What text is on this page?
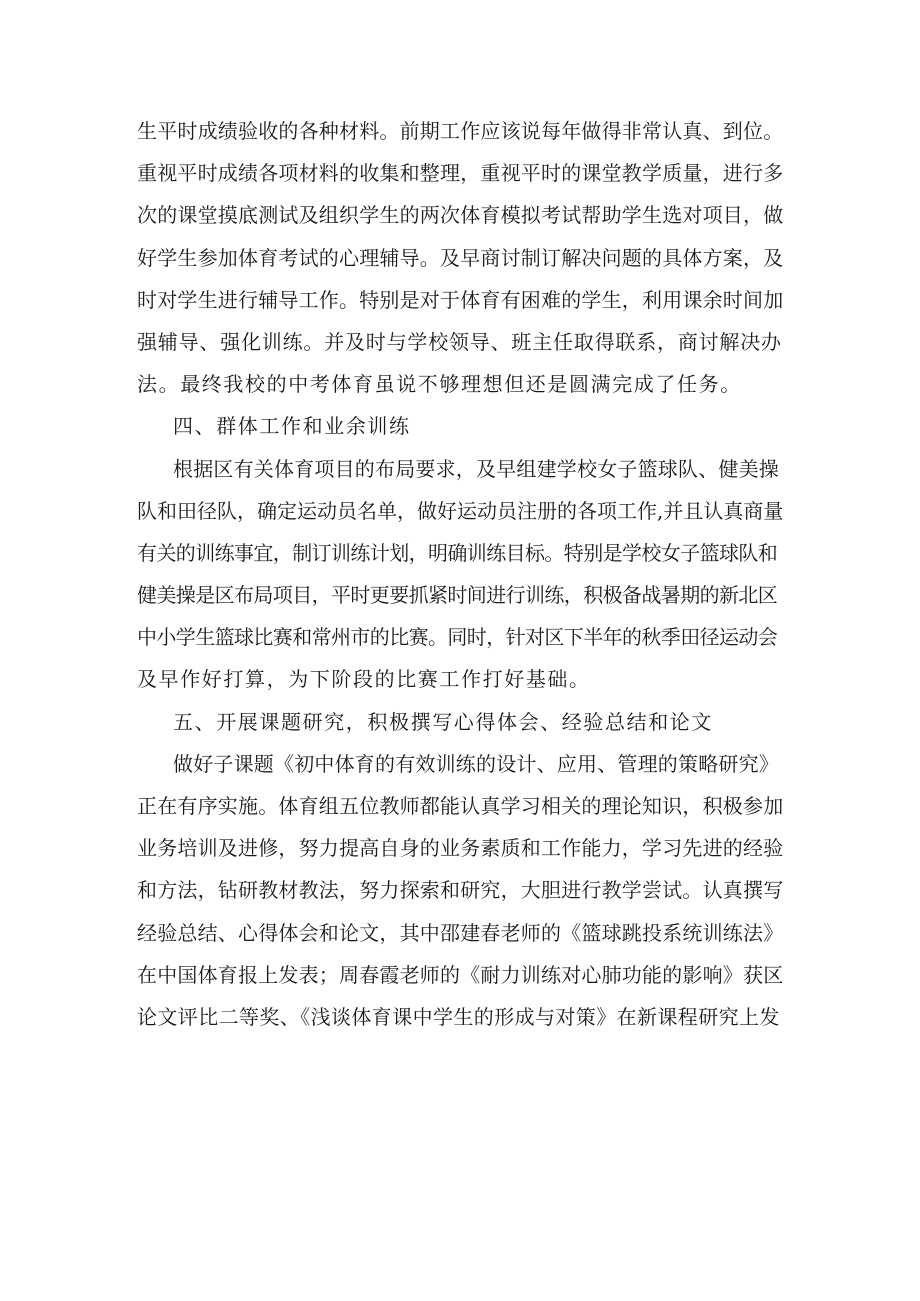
生平时成绩验收的各种材料。前期工作应该说每年做得非常认真、到位。
重视平时成绩各项材料的收集和整理，重视平时的课堂教学质量，进行多
次的课堂摸底测试及组织学生的两次体育模拟考试帮助学生选对项目，做
好学生参加体育考试的心理辅导。及早商讨制订解决问题的具体方案，及
时对学生进行辅导工作。特别是对于体育有困难的学生，利用课余时间加
强辅导、强化训练。并及时与学校领导、班主任取得联系，商讨解决办
法。最终我校的中考体育虽说不够理想但还是圆满完成了任务。
四、群体工作和业余训练
根据区有关体育项目的布局要求，及早组建学校女子篮球队、健美操
队和田径队，确定运动员名单，做好运动员注册的各项工作,并且认真商量
有关的训练事宜，制订训练计划，明确训练目标。特别是学校女子篮球队和
健美操是区布局项目，平时更要抓紧时间进行训练，积极备战暑期的新北区
中小学生篮球比赛和常州市的比赛。同时，针对区下半年的秋季田径运动会
及早作好打算，为下阶段的比赛工作打好基础。
五、开展课题研究，积极撰写心得体会、经验总结和论文
做好子课题《初中体育的有效训练的设计、应用、管理的策略研究》
正在有序实施。体育组五位教师都能认真学习相关的理论知识，积极参加
业务培训及进修，努力提高自身的业务素质和工作能力，学习先进的经验
和方法，钻研教材教法，努力探索和研究，大胆进行教学尝试。认真撰写
经验总结、心得体会和论文，其中邵建春老师的《篮球跳投系统训练法》
在中国体育报上发表；周春霞老师的《耐力训练对心肺功能的影响》获区
论文评比二等奖、《浅谈体育课中学生的形成与对策》在新课程研究上发
